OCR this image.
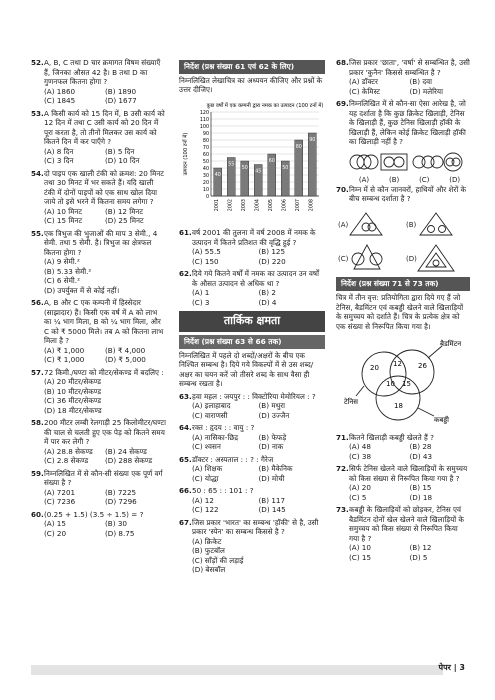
52. A, B, C तथा D चार क्रमागत विषम संख्याएँ हैं, जिनका औसत 42 है। B तथा D का गुणनफल कितना होगा ?
(A) 1860	(B) 1890
(C) 1845	(D) 1677
53. A किसी कार्य को 15 दिन में, B उसी कार्य को 12 दिन में तथा C उसी कार्य को 20 दिन में पूरा करता है, तो तीनों मिलकर उस कार्य को कितने दिन में कर पाएँगे ?
(A) 8 दिन	(B) 5 दिन
(C) 3 दिन	(D) 10 दिन
54. दो पाइप एक खाली टंकी को क्रमश: 20 मिनट तथा 30 मिनट में भर सकते हैं। यदि खाली टंकी में दोनों पाइपों को एक साथ खोल दिया जाये तो इसे भरने में कितना समय लगेगा ?
(A) 10 मिनट	(B) 12 मिनट
(C) 15 मिनट	(D) 25 मिनट
55. एक त्रिभुज की भुजाओं की माप 3 सेमी., 4 सेमी. तथा 5 सेमी. है। त्रिभुज का क्षेत्रफल कितना होगा ?
(A) 9 सेमी.²
(B) 5.33 सेमी.²
(C) 6 सेमी.²
(D) उपर्युक्त में से कोई नहीं।
56. A, B और C एक कम्पनी में हिस्सेदार (साझादार) हैं। किसी एक वर्ष में A को लाभ का ¼ भाग मिला, B को ¼ भाग मिला, और C को ₹ 5000 मिले। तब A को कितना लाभ मिला है ?
(A) ₹ 1,000	(B) ₹ 4,000
(C) ₹ 1,000	(D) ₹ 5,000
57. 72 किमी./घण्टा को मीटर/सेकण्ड में बदलिए :
(A) 20 मीटर/सेकण्ड
(B) 10 मीटर/सेकण्ड
(C) 36 मीटर/सेकण्ड
(D) 18 मीटर/सेकण्ड
58. 200 मीटर लम्बी रेलगाड़ी 25 किलोमीटर/घण्टा की चाल से चलती हुए एक पेड़ को कितने समय में पार कर लेगी ?
(A) 28.8 सेकण्ड	(B) 24 सेकण्ड
(C) 2.8 सेकण्ड	(D) 288 सेकण्ड
59. निम्नलिखित में से कौन-सी संख्या एक पूर्ण वर्ग संख्या है ?
(A) 7201	(B) 7225
(C) 7236	(D) 7296
60. (0.25 + 1.5) (3.5 ÷ 1.5) = ?
(A) 15	(B) 30
(C) 20	(D) 8.75
निर्देश (प्रश्न संख्या 61 एवं 62 के लिए)
निम्नलिखित लेखाचित्र का अध्ययन कीजिए और प्रश्नों के उत्तर दीजिए।
कुछ वर्षों में एक कम्पनी द्वारा नमक का उत्पादन (100 टनों में)
उत्पादन (100 टनों में)
0
10
20
30
40
50
60
70
80
90
100
110
120
40
2001
55
2002
50
2003
45
2004
60
2005
50
2006
80
2007
90
2008
61. वर्ष 2001 की तुलना में वर्ष 2008 में नमक के उत्पादन में कितने प्रतिशत की वृद्धि हुई ?
(A) 55.5	(B) 125
(C) 150	(D) 220
62. दिये गये कितने वर्षों में नमक का उत्पादन उन वर्षों के औसत उत्पादन से अधिक था ?
(A) 1	(B) 2
(C) 3	(D) 4
तार्किक क्षमता
निर्देश (प्रश्न संख्या 63 से 66 तक)
निम्नलिखित में पहले दो शब्दों/अक्षरों के बीच एक निश्चित सम्बन्ध है। दिये गये विकल्पों में से उस शब्द/अक्षर का चयन करें जो तीसरे शब्द के साथ वैसा ही सम्बन्ध रखता है।
63. हवा महल : जयपुर : : विक्टोरिया मेमोरियल : ?
(A) इलाहाबाद	(B) मथुरा
(C) वाराणसी	(D) उज्जैन
64. रक्त : हृदय : : वायु : ?
(A) नासिका-छिद्र	(B) फेफड़े
(C) श्वसन	(D) नाक
65. डॉक्टर : अस्पताल : : ? : गैरेज
(A) शिक्षक	(B) मैकेनिक
(C) योद्धा	(D) मोची
66. 50 : 65 : : 101 : ?
(A) 12	(B) 117
(C) 122	(D) 145
67. जिस प्रकार 'भारत' का सम्बन्ध 'हॉकी' से है, उसी प्रकार 'स्पेन' का सम्बन्ध किससे है ?
(A) क्रिकेट
(B) फुटबॉल
(C) साँड़ों की लड़ाई
(D) बेसबॉल
68. जिस प्रकार 'छाता', 'वर्षा' से सम्बन्धित है, उसी प्रकार 'कुनैन' किससे सम्बन्धित है ?
(A) डॉक्टर	(B) दवा
(C) केमिस्ट	(D) मलेरिया
69. निम्नलिखित में से कौन-सा ऐसा आरेख है, जो यह दर्शाता है कि कुछ क्रिकेट खिलाड़ी, टेनिस के खिलाड़ी हैं, कुछ टेनिस खिलाड़ी हॉकी के खिलाड़ी हैं, लेकिन कोई क्रिकेट खिलाड़ी हॉकी का खिलाड़ी नहीं है ?
(A)	(B)	(C)	(D)
70. निम्न में से कौन जानवरों, हाथियों और शेरों के बीच सम्बन्ध दर्शाता है ?
(A)	(B)
(C)	(D)
निर्देश (प्रश्न संख्या 71 से 73 तक)
चित्र में तीन वृत्त: प्रतियोगिता द्वारा दिये गए हैं जो टेनिस, बैडमिंटन एवं कबड्डी खेलने वाले खिलाड़ियों के समुच्चय को दर्शाते हैं। चित्र के प्रत्येक क्षेत्र को एक संख्या से निरूपित किया गया है।
बैडमिंटन
टेनिस
कबड्डी
20 12 26
10 15
18
71. कितने खिलाड़ी कबड्डी खेलते हैं ?
(A) 48	(B) 28
(C) 38	(D) 43
72. सिर्फ टेनिस खेलने वाले खिलाड़ियों के समुच्चय को किस संख्या से निरूपित किया गया है ?
(A) 20	(B) 15
(C) 5	(D) 18
73. कबड्डी के खिलाड़ियों को छोड़कर, टेनिस एवं बैडमिंटन दोनों खेल खेलने वाले खिलाड़ियों के समुच्चय को किस संख्या से निरूपित किया गया है ?
(A) 10	(B) 12
(C) 15	(D) 5
पेपर | 3
